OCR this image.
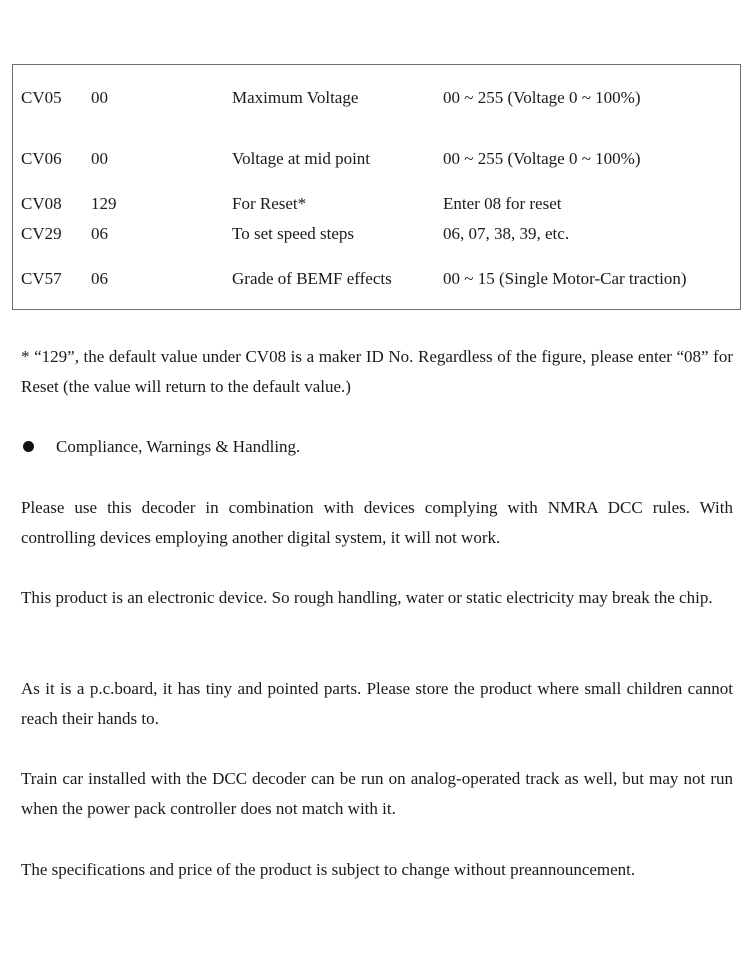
CV05 00	Maximum Voltage	00 ~ 255 (Voltage 0 ~ 100%)
CV06 00	Voltage at mid point	00 ~ 255 (Voltage 0 ~ 100%)
CV08 129	For Reset*	Enter 08 for reset
CV29 06	To set speed steps	06, 07, 38, 39, etc.
CV57 06	Grade of BEMF effects	00 ~ 15 (Single Motor-Car traction)

* “129”, the default value under CV08 is a maker ID No. Regardless of the figure, please enter “08” for Reset (the value will return to the default value.)

Compliance, Warnings & Handling.

Please use this decoder in combination with devices complying with NMRA DCC rules. With controlling devices employing another digital system, it will not work.

This product is an electronic device. So rough handling, water or static electricity may break the chip.

As it is a p.c.board, it has tiny and pointed parts. Please store the product where small children cannot reach their hands to.

Train car installed with the DCC decoder can be run on analog-operated track as well, but may not run when the power pack controller does not match with it.

The specifications and price of the product is subject to change without preannouncement.
